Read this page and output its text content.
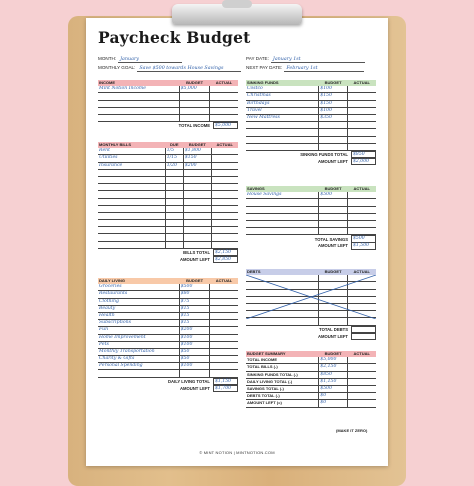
Paycheck Budget
MONTH: January
MONTHLY GOAL: Save $500 towards House Savings
PAY DATE: January 1st
NEXT PAY DATE: February 1st
INCOME	BUDGET	ACTUAL
Mint Notion Income	$5,000	

TOTAL INCOME	$5,000
MONTHLY BILLS	DUE	BUDGET	ACTUAL
Rent	1/5	$1,800	
Utilities	1/15	$150	
Insurance	1/20	$200	

BILLS TOTAL	$2,150
AMOUNT LEFT	$2,850
DAILY LIVING	BUDGET	ACTUAL
Groceries	$500	
Restaurants	$80	
Clothing	$75	
Beauty	$15	
Health	$15	
Subscriptions	$15	
Fun	$200	
Home Improvement	$100	
Pets	$100	
Monthly Transportation	$50	
Charity & Gifts	$50	
Personal Spending	$100	

DAILY LIVING TOTAL	$1,150
AMOUNT LEFT	$1,700
SINKING FUNDS	BUDGET	ACTUAL
Costco	$100	
Christmas	$150	
Birthdays	$150	
Travel	$100	
New Mattress	$350	

SINKING FUNDS TOTAL	$850
AMOUNT LEFT	$2,000
SAVINGS	BUDGET	ACTUAL
House Savings	$500	

TOTAL SAVINGS	$500
AMOUNT LEFT	$1,500
DEBTS	BUDGET	ACTUAL

TOTAL DEBTS
AMOUNT LEFT
BUDGET SUMMARY	BUDGET	ACTUAL
TOTAL INCOME	$5,000	
TOTAL BILLS (-)	$2,150	
SINKING FUNDS TOTAL (-)	$850	
DAILY LIVING TOTAL (-)	$1,150	
SAVINGS TOTAL (-)	$500	
DEBTS TOTAL (-)	$0	
AMOUNT LEFT (=)	$0	
(MAKE IT ZERO)
© MINT NOTION | MINTNOTION.COM
